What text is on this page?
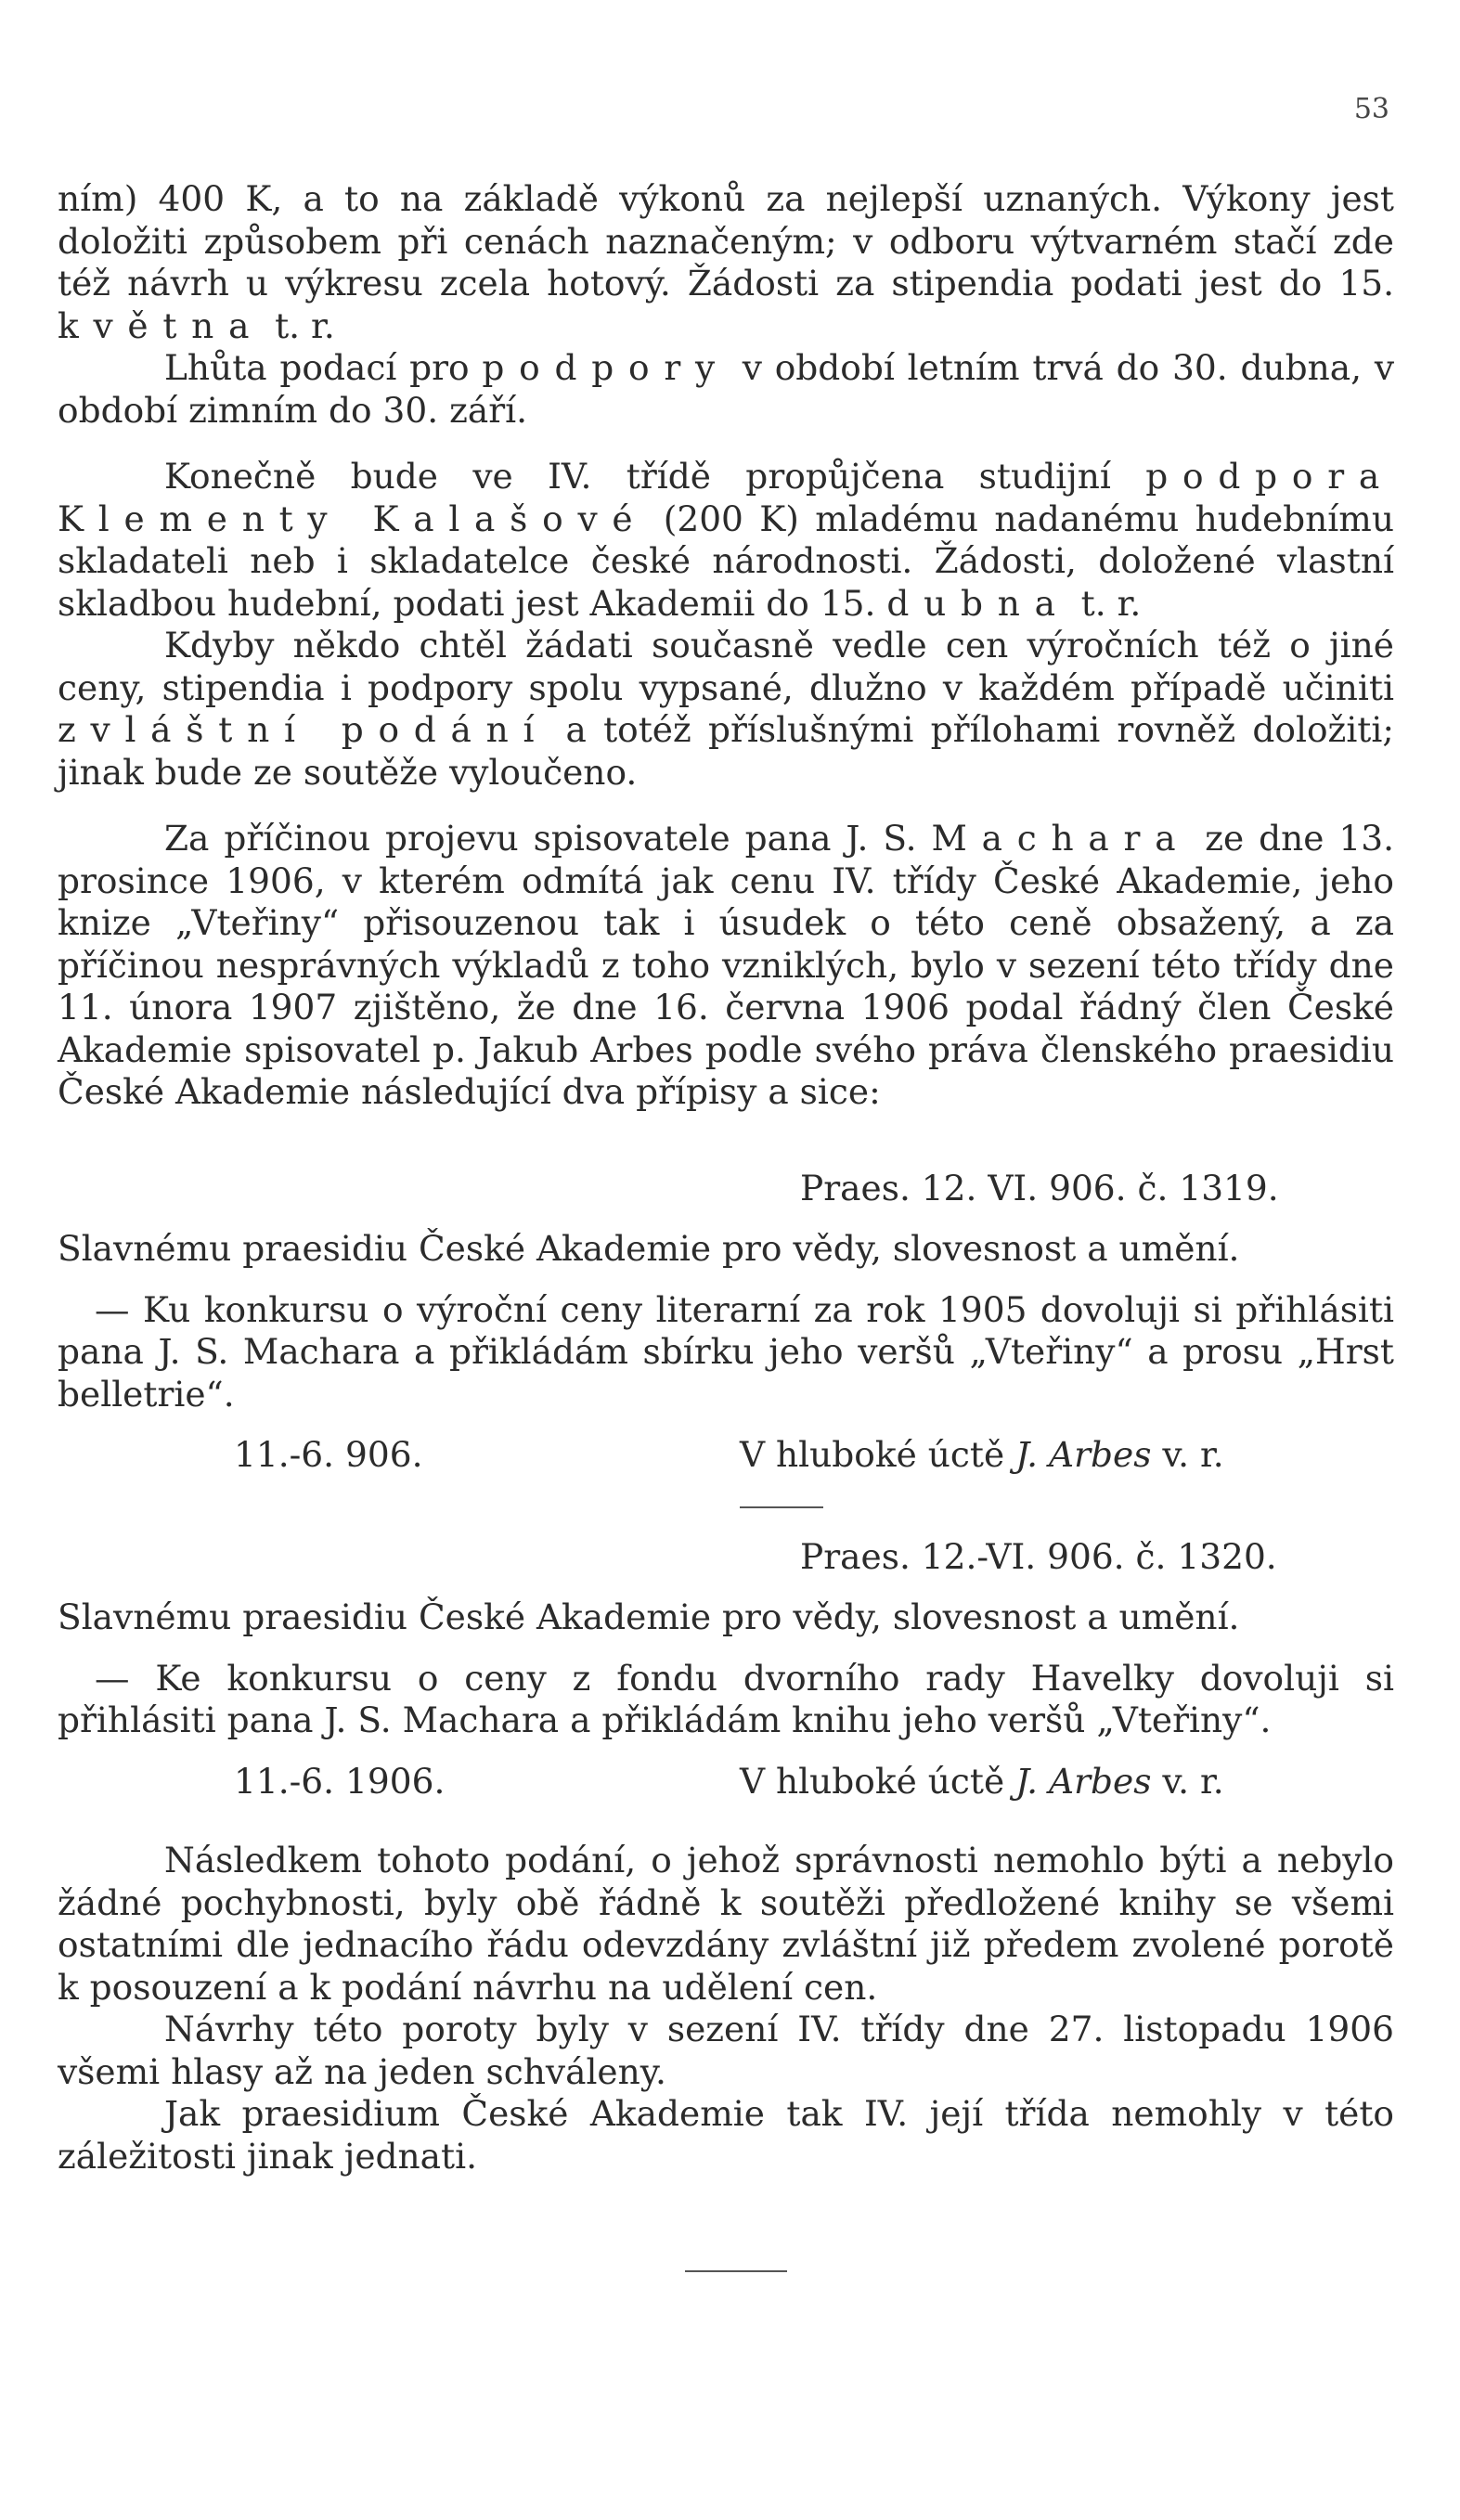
53

ním) 400 K, a to na základě výkonů za nejlepší uznaných. Výkony jest doložiti způsobem při cenách naznačeným; v odboru výtvarném stačí zde též návrh u výkresu zcela hotový. Žádosti za stipendia podati jest do 15. května t. r.

Lhůta podací pro podpory v období letním trvá do 30. dubna, v období zimním do 30. září.

Konečně bude ve IV. třídě propůjčena studijní podpora Klementy Kalašové (200 K) mladému nadanému hudebnímu skladateli neb i skladatelce české národnosti. Žádosti, doložené vlastní skladbou hudební, podati jest Akademii do 15. dubna t. r.

Kdyby někdo chtěl žádati současně vedle cen výročních též o jiné ceny, stipendia i podpory spolu vypsané, dlužno v každém případě učiniti zvláštní podání a totéž příslušnými přílohami rovněž doložiti; jinak bude ze soutěže vyloučeno.

Za příčinou projevu spisovatele pana J. S. Machara ze dne 13. prosince 1906, v kterém odmítá jak cenu IV. třídy České Akademie, jeho knize „Vteřiny“ přisouzenou tak i úsudek o této ceně obsažený, a za příčinou nesprávných výkladů z toho vzniklých, bylo v sezení této třídy dne 11. února 1907 zjištěno, že dne 16. června 1906 podal řádný člen České Akademie spisovatel p. Jakub Arbes podle svého práva členského praesidiu České Akademie následující dva přípisy a sice:

Praes. 12. VI. 906. č. 1319.

Slavnému praesidiu České Akademie pro vědy, slovesnost a umění.

— Ku konkursu o výroční ceny literarní za rok 1905 dovoluji si přihlásiti pana J. S. Machara a přikládám sbírku jeho veršů „Vteřiny“ a prosu „Hrst belletrie“.

11.-6. 906.	V hluboké úctě J. Arbes v. r.

Praes. 12.-VI. 906. č. 1320.

Slavnému praesidiu České Akademie pro vědy, slovesnost a umění.

— Ke konkursu o ceny z fondu dvorního rady Havelky dovoluji si přihlásiti pana J. S. Machara a přikládám knihu jeho veršů „Vteřiny“.

11.-6. 1906.	V hluboké úctě J. Arbes v. r.

Následkem tohoto podání, o jehož správnosti nemohlo býti a nebylo žádné pochybnosti, byly obě řádně k soutěži předložené knihy se všemi ostatními dle jednacího řádu odevzdány zvláštní již předem zvolené porotě k posouzení a k podání návrhu na udělení cen.

Návrhy této poroty byly v sezení IV. třídy dne 27. listopadu 1906 všemi hlasy až na jeden schváleny.

Jak praesidium České Akademie tak IV. její třída nemohly v této záležitosti jinak jednati.
